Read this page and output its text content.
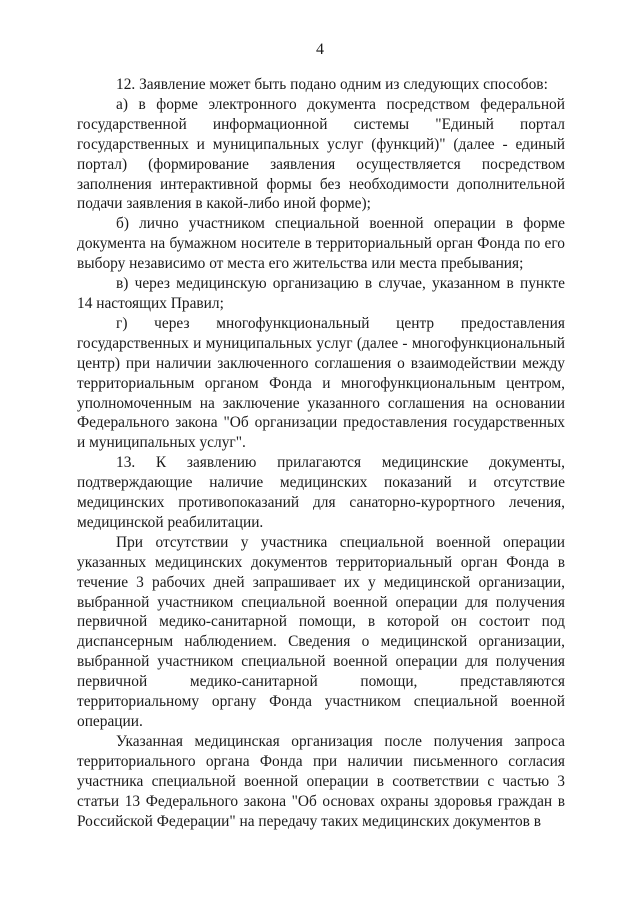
4

12. Заявление может быть подано одним из следующих способов:

а) в форме электронного документа посредством федеральной государственной информационной системы "Единый портал государственных и муниципальных услуг (функций)" (далее - единый портал) (формирование заявления осуществляется посредством заполнения интерактивной формы без необходимости дополнительной подачи заявления в какой-либо иной форме);

б) лично участником специальной военной операции в форме документа на бумажном носителе в территориальный орган Фонда по его выбору независимо от места его жительства или места пребывания;

в) через медицинскую организацию в случае, указанном в пункте 14 настоящих Правил;

г) через многофункциональный центр предоставления государственных и муниципальных услуг (далее - многофункциональный центр) при наличии заключенного соглашения о взаимодействии между территориальным органом Фонда и многофункциональным центром, уполномоченным на заключение указанного соглашения на основании Федерального закона "Об организации предоставления государственных и муниципальных услуг".

13. К заявлению прилагаются медицинские документы, подтверждающие наличие медицинских показаний и отсутствие медицинских противопоказаний для санаторно-курортного лечения, медицинской реабилитации.

При отсутствии у участника специальной военной операции указанных медицинских документов территориальный орган Фонда в течение 3 рабочих дней запрашивает их у медицинской организации, выбранной участником специальной военной операции для получения первичной медико-санитарной помощи, в которой он состоит под диспансерным наблюдением. Сведения о медицинской организации, выбранной участником специальной военной операции для получения первичной медико-санитарной помощи, представляются территориальному органу Фонда участником специальной военной операции.

Указанная медицинская организация после получения запроса территориального органа Фонда при наличии письменного согласия участника специальной военной операции в соответствии с частью 3 статьи 13 Федерального закона "Об основах охраны здоровья граждан в Российской Федерации" на передачу таких медицинских документов в
